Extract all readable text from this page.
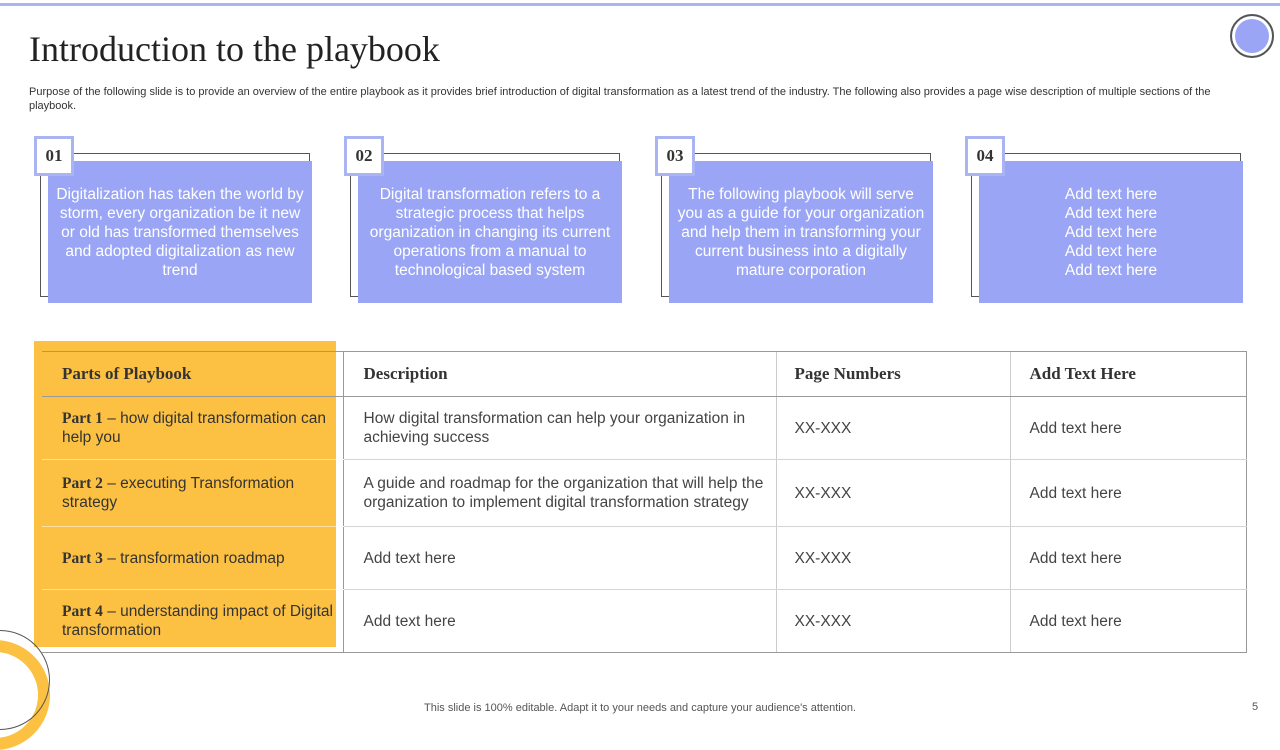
Introduction to the playbook

Purpose of the following slide is to provide an overview of the entire playbook as it provides brief introduction of digital transformation as a latest trend of the industry. The following also provides a page wise description of multiple sections of the playbook.

Digitalization has taken the world by storm, every organization be it new or old has transformed themselves and adopted digitalization as new trend
01
Digital transformation refers to a strategic process that helps organization in changing its current operations from a manual to technological based system
02
The following playbook will serve you as a guide for your organization and help them in transforming your current business into a digitally mature corporation
03
Add text here
Add text here
Add text here
Add text here
Add text here
04
Parts of Playbook	Description	Page Numbers	Add Text Here
Part 1 – how digital transformation can help you	How digital transformation can help your organization in achieving success	XX-XXX	Add text here
Part 2 – executing Transformation strategy	A guide and roadmap for the organization that will help the organization to implement digital transformation strategy	XX-XXX	Add text here
Part 3 – transformation roadmap	Add text here	XX-XXX	Add text here
Part 4 – understanding impact of Digital transformation	Add text here	XX-XXX	Add text here
This slide is 100% editable. Adapt it to your needs and capture your audience's attention.	5
